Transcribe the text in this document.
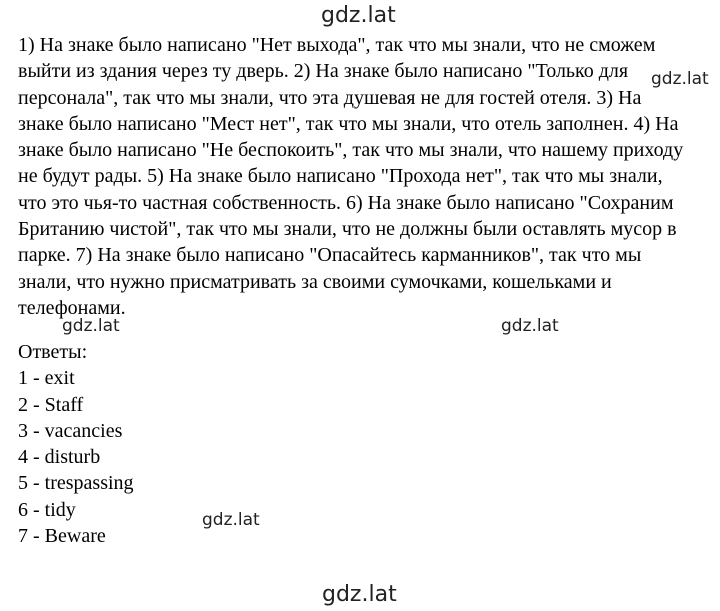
gdz.lat
1) На знаке было написано "Нет выхода", так что мы знали, что не сможем
выйти из здания через ту дверь. 2) На знаке было написано "Только для
персонала", так что мы знали, что эта душевая не для гостей отеля. 3) На
знаке было написано "Мест нет", так что мы знали, что отель заполнен. 4) На
знаке было написано "Не беспокоить", так что мы знали, что нашему приходу
не будут рады. 5) На знаке было написано "Прохода нет", так что мы знали,
что это чья-то частная собственность. 6) На знаке было написано "Сохраним
Британию чистой", так что мы знали, что не должны были оставлять мусор в
парке. 7) На знаке было написано "Опасайтесь карманников", так что мы
знали, что нужно присматривать за своими сумочками, кошельками и
телефонами.
gdz.lat
gdz.lat	gdz.lat
Ответы:
1 - exit
2 - Staff
3 - vacancies
4 - disturb
5 - trespassing
6 - tidy
7 - Beware
gdz.lat
gdz.lat
